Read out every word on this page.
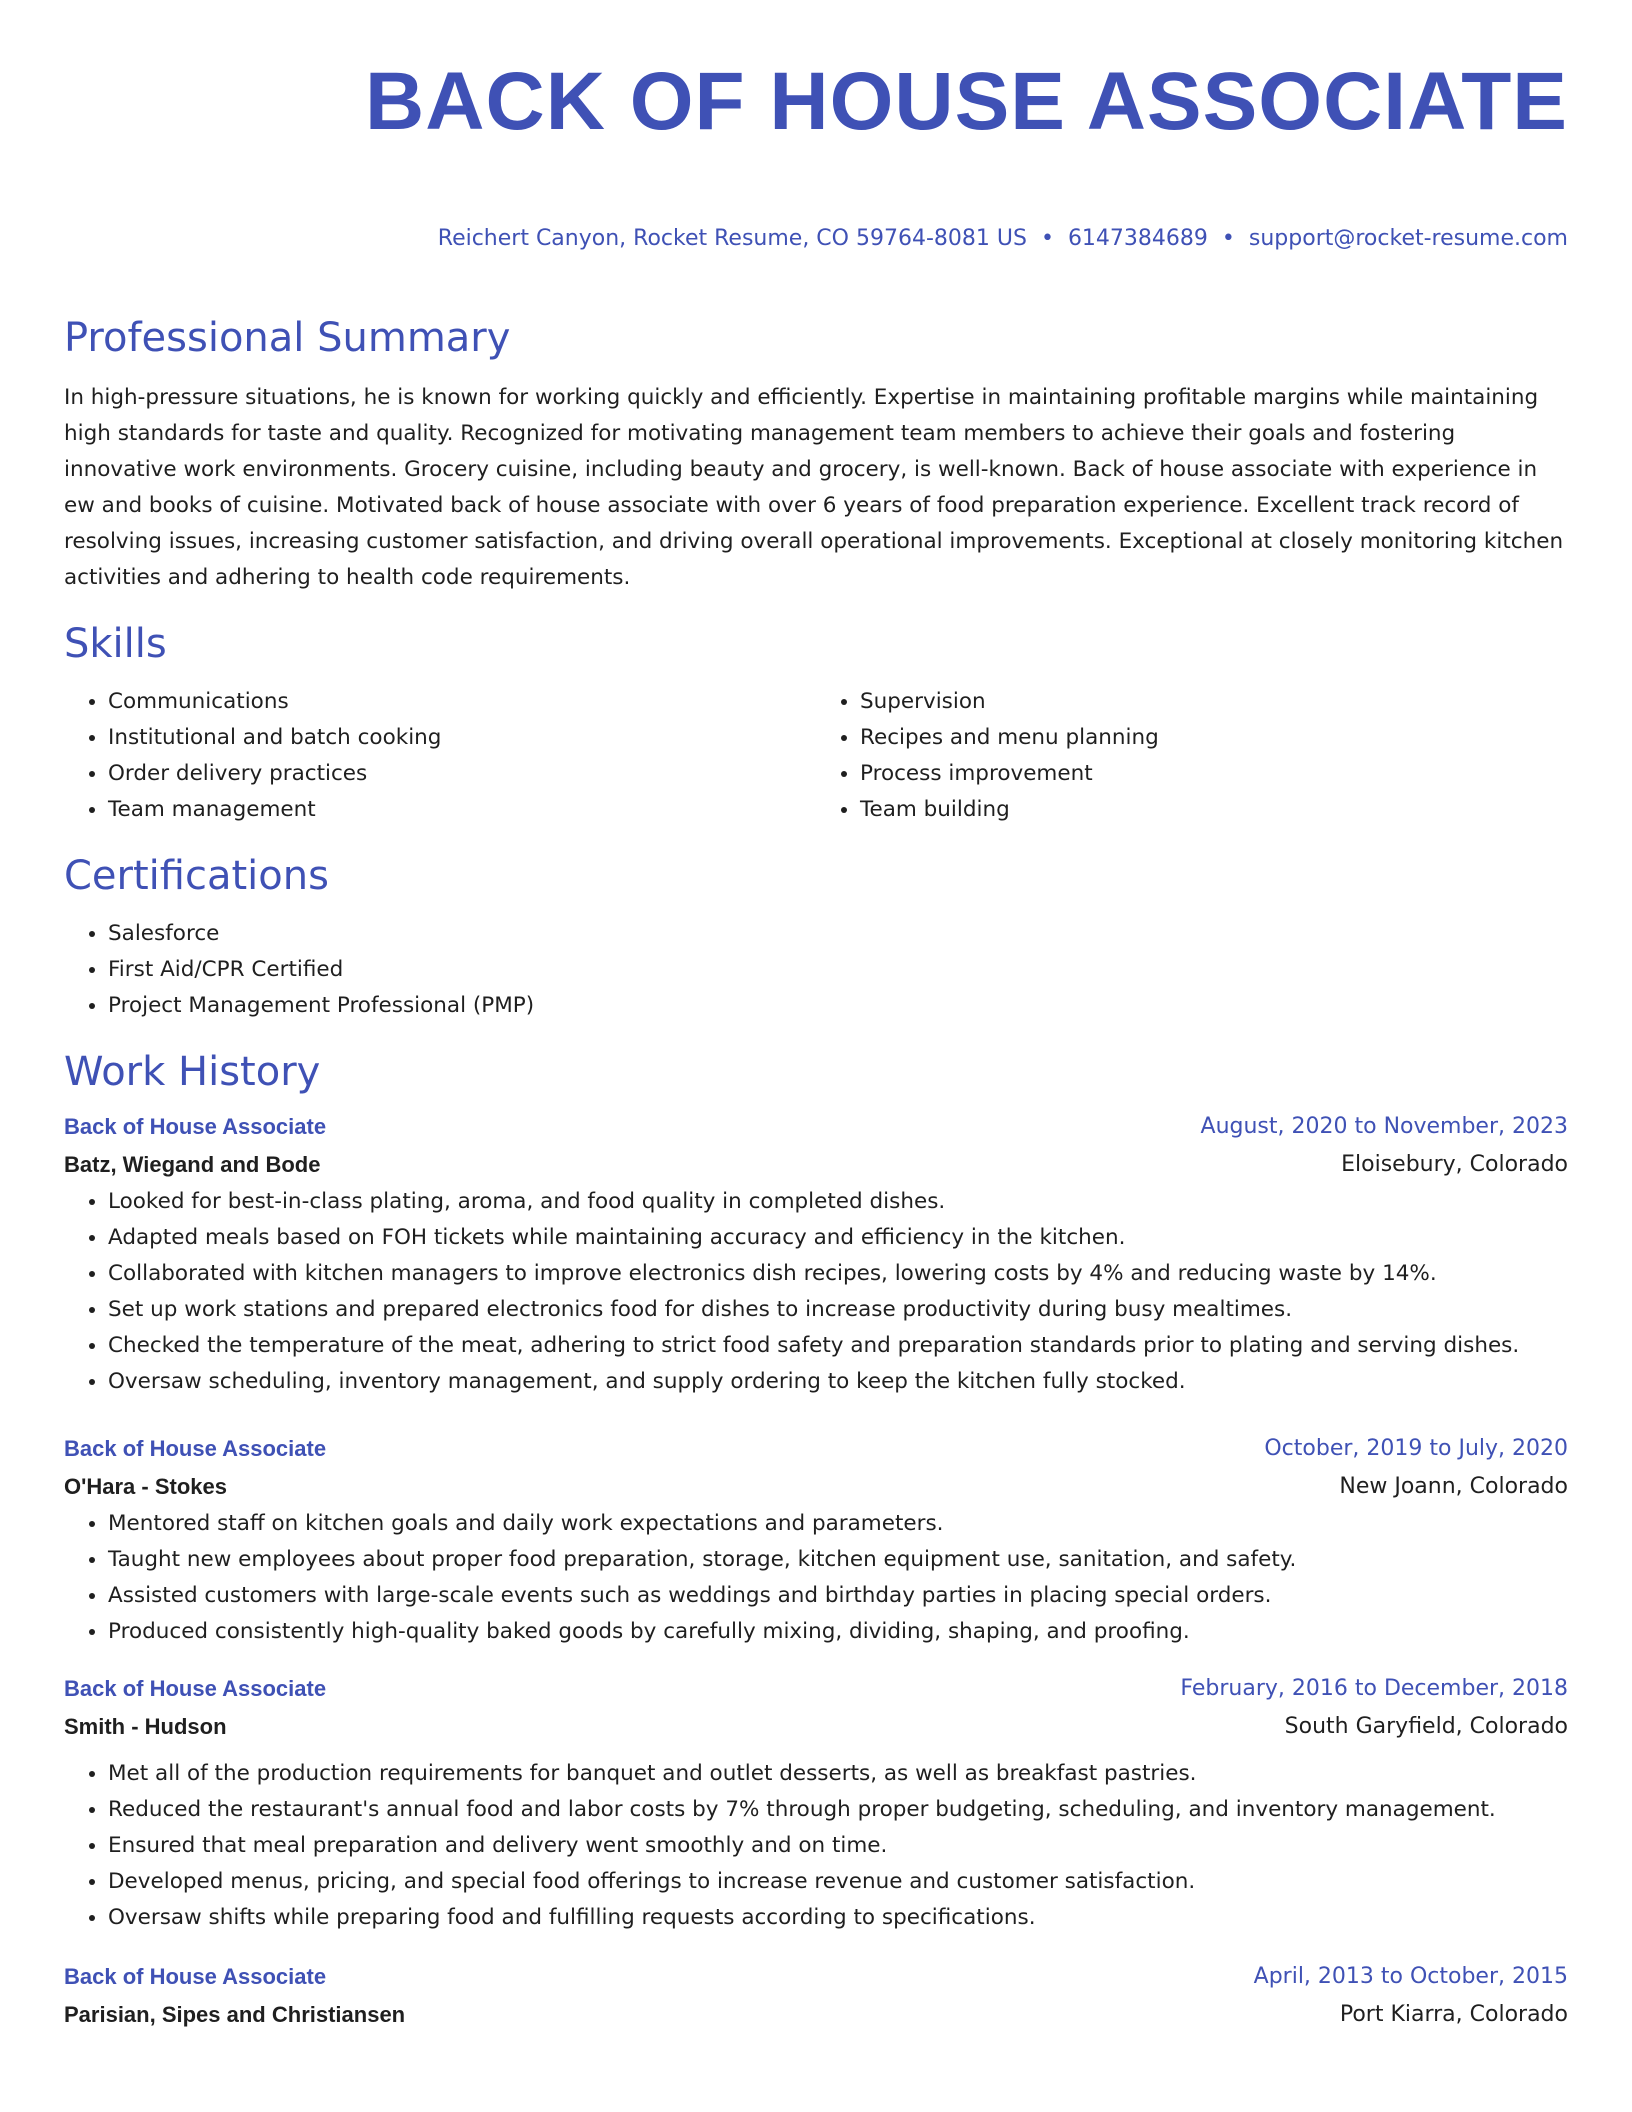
BACK OF HOUSE ASSOCIATE
Reichert Canyon, Rocket Resume, CO 59764-8081 US • 6147384689 • support@rocket-resume.com
Professional Summary

In high-pressure situations, he is known for working quickly and efficiently. Expertise in maintaining profitable margins while maintaining high standards for taste and quality. Recognized for motivating management team members to achieve their goals and fostering innovative work environments. Grocery cuisine, including beauty and grocery, is well-known. Back of house associate with experience in ew and books of cuisine. Motivated back of house associate with over 6 years of food preparation experience. Excellent track record of resolving issues, increasing customer satisfaction, and driving overall operational improvements. Exceptional at closely monitoring kitchen activities and adhering to health code requirements.

Skills
• Communications
• Institutional and batch cooking
• Order delivery practices
• Team management
• Supervision
• Recipes and menu planning
• Process improvement
• Team building
Certifications
• Salesforce
• First Aid/CPR Certified
• Project Management Professional (PMP)
Work History
Back of House Associate	August, 2020 to November, 2023
Batz, Wiegand and Bode	Eloisebury, Colorado
• Looked for best-in-class plating, aroma, and food quality in completed dishes.
• Adapted meals based on FOH tickets while maintaining accuracy and efficiency in the kitchen.
• Collaborated with kitchen managers to improve electronics dish recipes, lowering costs by 4% and reducing waste by 14%.
• Set up work stations and prepared electronics food for dishes to increase productivity during busy mealtimes.
• Checked the temperature of the meat, adhering to strict food safety and preparation standards prior to plating and serving dishes.
• Oversaw scheduling, inventory management, and supply ordering to keep the kitchen fully stocked.
Back of House Associate	October, 2019 to July, 2020
O'Hara - Stokes	New Joann, Colorado
• Mentored staff on kitchen goals and daily work expectations and parameters.
• Taught new employees about proper food preparation, storage, kitchen equipment use, sanitation, and safety.
• Assisted customers with large-scale events such as weddings and birthday parties in placing special orders.
• Produced consistently high-quality baked goods by carefully mixing, dividing, shaping, and proofing.
Back of House Associate	February, 2016 to December, 2018
Smith - Hudson	South Garyfield, Colorado
• Met all of the production requirements for banquet and outlet desserts, as well as breakfast pastries.
• Reduced the restaurant's annual food and labor costs by 7% through proper budgeting, scheduling, and inventory management.
• Ensured that meal preparation and delivery went smoothly and on time.
• Developed menus, pricing, and special food offerings to increase revenue and customer satisfaction.
• Oversaw shifts while preparing food and fulfilling requests according to specifications.
Back of House Associate	April, 2013 to October, 2015
Parisian, Sipes and Christiansen	Port Kiarra, Colorado
